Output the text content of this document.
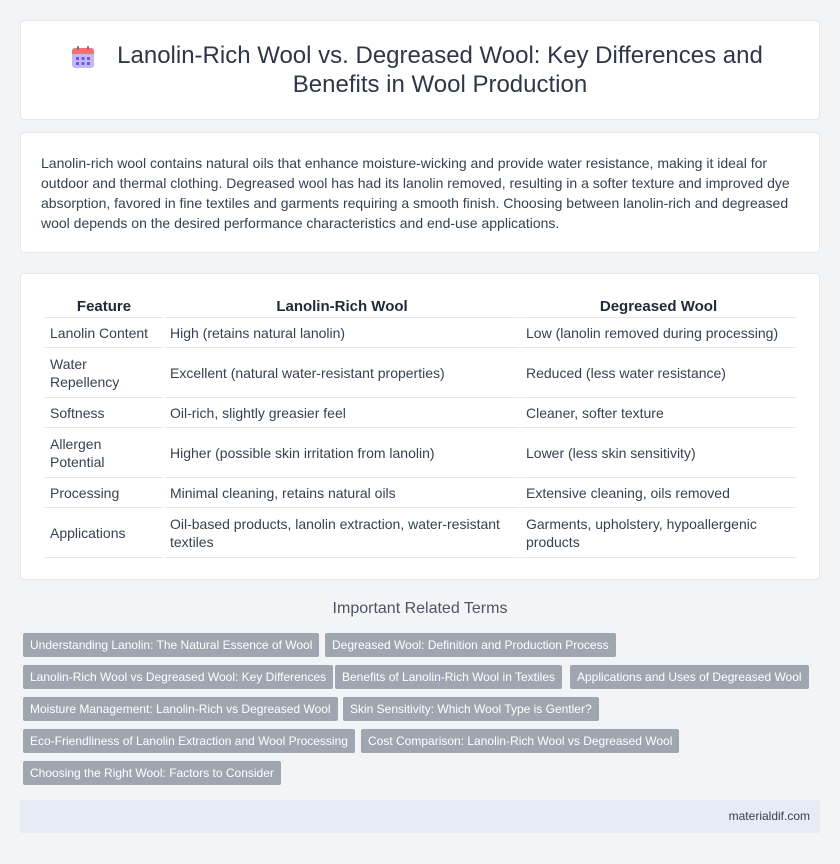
Lanolin-Rich Wool vs. Degreased Wool: Key Differences and Benefits in Wool Production

Lanolin-rich wool contains natural oils that enhance moisture-wicking and provide water resistance, making it ideal for outdoor and thermal clothing. Degreased wool has had its lanolin removed, resulting in a softer texture and improved dye absorption, favored in fine textiles and garments requiring a smooth finish. Choosing between lanolin-rich and degreased wool depends on the desired performance characteristics and end-use applications.

Feature	Lanolin-Rich Wool	Degreased Wool
Lanolin Content	High (retains natural lanolin)	Low (lanolin removed during processing)
Water Repellency	Excellent (natural water-resistant properties)	Reduced (less water resistance)
Softness	Oil-rich, slightly greasier feel	Cleaner, softer texture
Allergen Potential	Higher (possible skin irritation from lanolin)	Lower (less skin sensitivity)
Processing	Minimal cleaning, retains natural oils	Extensive cleaning, oils removed
Applications	Oil-based products, lanolin extraction, water-resistant textiles	Garments, upholstery, hypoallergenic products
Important Related Terms
Understanding Lanolin: The Natural Essence of Wool	Degreased Wool: Definition and Production Process
Lanolin-Rich Wool vs Degreased Wool: Key Differences	Benefits of Lanolin-Rich Wool in Textiles	Applications and Uses of Degreased Wool
Moisture Management: Lanolin-Rich vs Degreased Wool	Skin Sensitivity: Which Wool Type is Gentler?
Eco-Friendliness of Lanolin Extraction and Wool Processing	Cost Comparison: Lanolin-Rich Wool vs Degreased Wool
Choosing the Right Wool: Factors to Consider
materialdif.com
